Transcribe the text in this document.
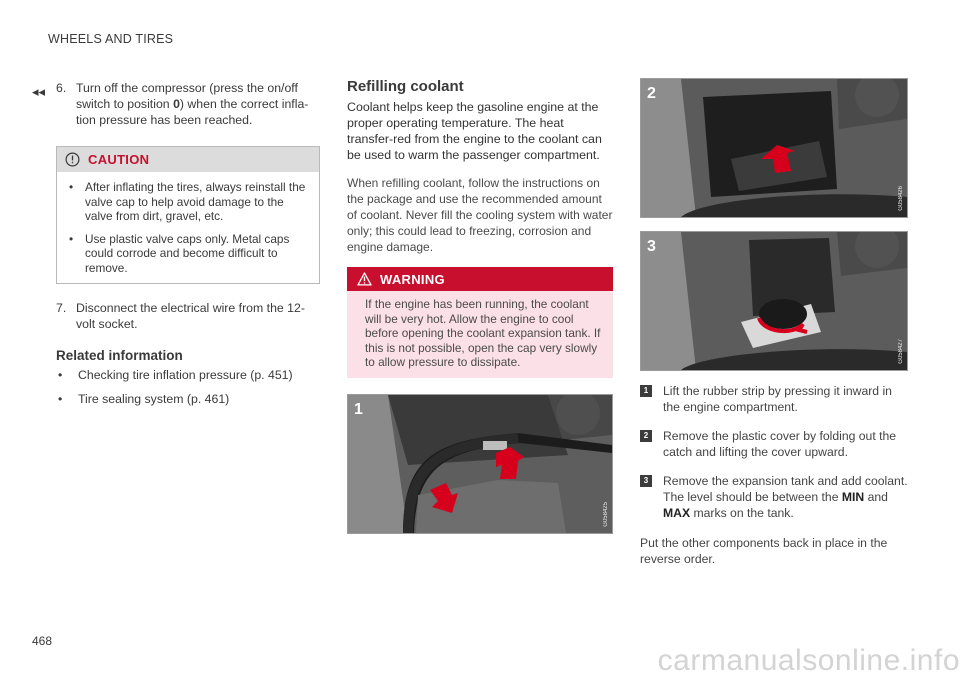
WHEELS AND TIRES
◂◂ 6. Turn off the compressor (press the on/off switch to position 0) when the correct infla-tion pressure has been reached.

CAUTION
•	After inflating the tires, always reinstall the valve cap to help avoid damage to the valve from dirt, gravel, etc.
•	Use plastic valve caps only. Metal caps could corrode and become difficult to remove.

7. Disconnect the electrical wire from the 12-volt socket.

Related information
•	Checking tire inflation pressure (p. 451)
•	Tire sealing system (p. 461)
Refilling coolant

Coolant helps keep the gasoline engine at the proper operating temperature. The heat transfer-red from the engine to the coolant can be used to warm the passenger compartment.

When refilling coolant, follow the instructions on the package and use the recommended amount of coolant. Never fill the cooling system with water only; this could lead to freezing, corrosion and engine damage.

WARNING
If the engine has been running, the coolant will be very hot. Allow the engine to cool before opening the coolant expansion tank. If this is not possible, open the cap very slowly to allow pressure to dissipate.
1
G058425
2
G058426
3
G058427
1	Lift the rubber strip by pressing it inward in the engine compartment.
2	Remove the plastic cover by folding out the catch and lifting the cover upward.
3	Remove the expansion tank and add coolant. The level should be between the MIN and MAX marks on the tank.

Put the other components back in place in the reverse order.

468
carmanualsonline.info
